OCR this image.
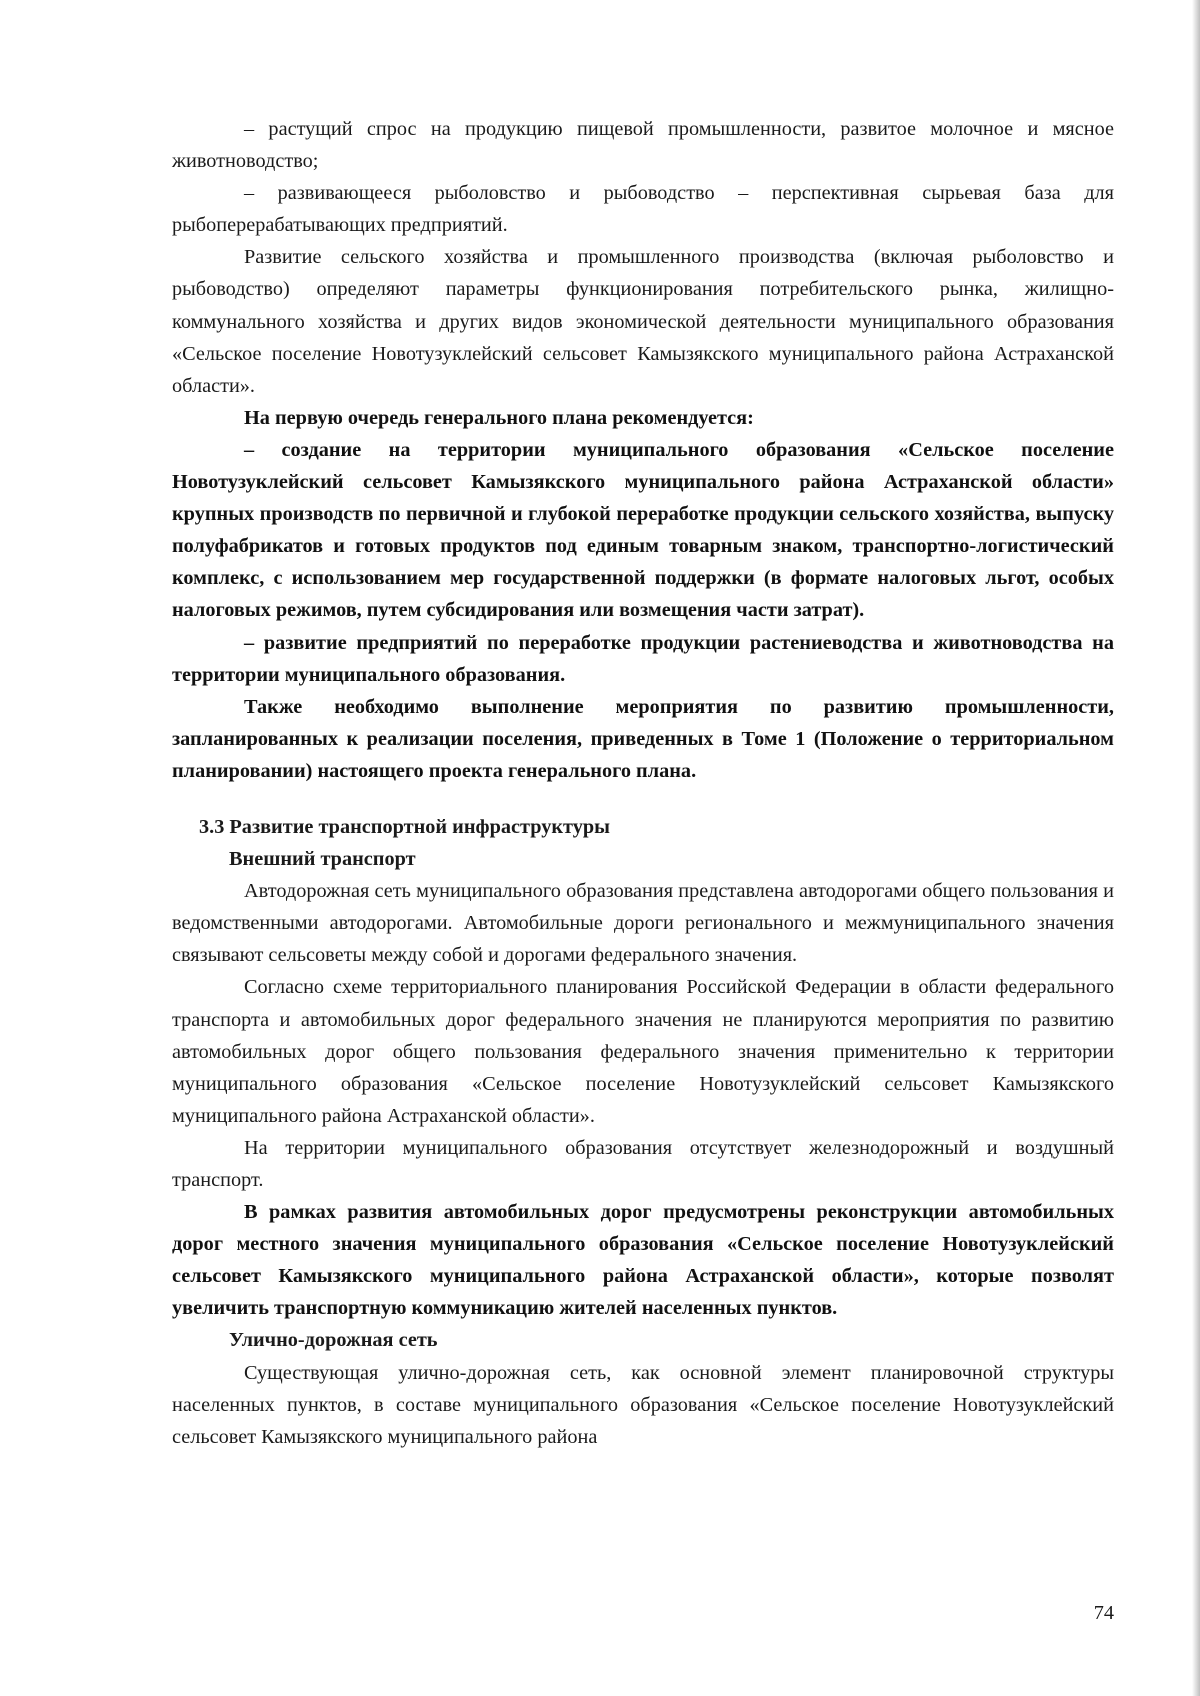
– растущий спрос на продукцию пищевой промышленности, развитое молочное и мясное животноводство;

– развивающееся рыболовство и рыбоводство – перспективная сырьевая база для рыбоперерабатывающих предприятий.

Развитие сельского хозяйства и промышленного производства (включая рыболовство и рыбоводство) определяют параметры функционирования потребительского рынка, жилищно-коммунального хозяйства и других видов экономической деятельности муниципального образования «Сельское поселение Новотузуклейский сельсовет Камызякского муниципального района Астраханской области».

На первую очередь генерального плана рекомендуется:

– создание на территории муниципального образования «Сельское поселение Новотузуклейский сельсовет Камызякского муниципального района Астраханской области» крупных производств по первичной и глубокой переработке продукции сельского хозяйства, выпуску полуфабрикатов и готовых продуктов под единым товарным знаком, транспортно-логистический комплекс, с использованием мер государственной поддержки (в формате налоговых льгот, особых налоговых режимов, путем субсидирования или возмещения части затрат).

– развитие предприятий по переработке продукции растениеводства и животноводства на территории муниципального образования.

Также необходимо выполнение мероприятия по развитию промышленности, запланированных к реализации поселения, приведенных в Томе 1 (Положение о территориальном планировании) настоящего проекта генерального плана.

3.3 Развитие транспортной инфраструктуры

Внешний транспорт

Автодорожная сеть муниципального образования представлена автодорогами общего пользования и ведомственными автодорогами. Автомобильные дороги регионального и межмуниципального значения связывают сельсоветы между собой и дорогами федерального значения.

Согласно схеме территориального планирования Российской Федерации в области федерального транспорта и автомобильных дорог федерального значения не планируются мероприятия по развитию автомобильных дорог общего пользования федерального значения применительно к территории муниципального образования «Сельское поселение Новотузуклейский сельсовет Камызякского муниципального района Астраханской области».

На территории муниципального образования отсутствует железнодорожный и воздушный транспорт.

В рамках развития автомобильных дорог предусмотрены реконструкции автомобильных дорог местного значения муниципального образования «Сельское поселение Новотузуклейский сельсовет Камызякского муниципального района Астраханской области», которые позволят увеличить транспортную коммуникацию жителей населенных пунктов.

Улично-дорожная сеть

Существующая улично-дорожная сеть, как основной элемент планировочной структуры населенных пунктов, в составе муниципального образования «Сельское поселение Новотузуклейский сельсовет Камызякского муниципального района

74
